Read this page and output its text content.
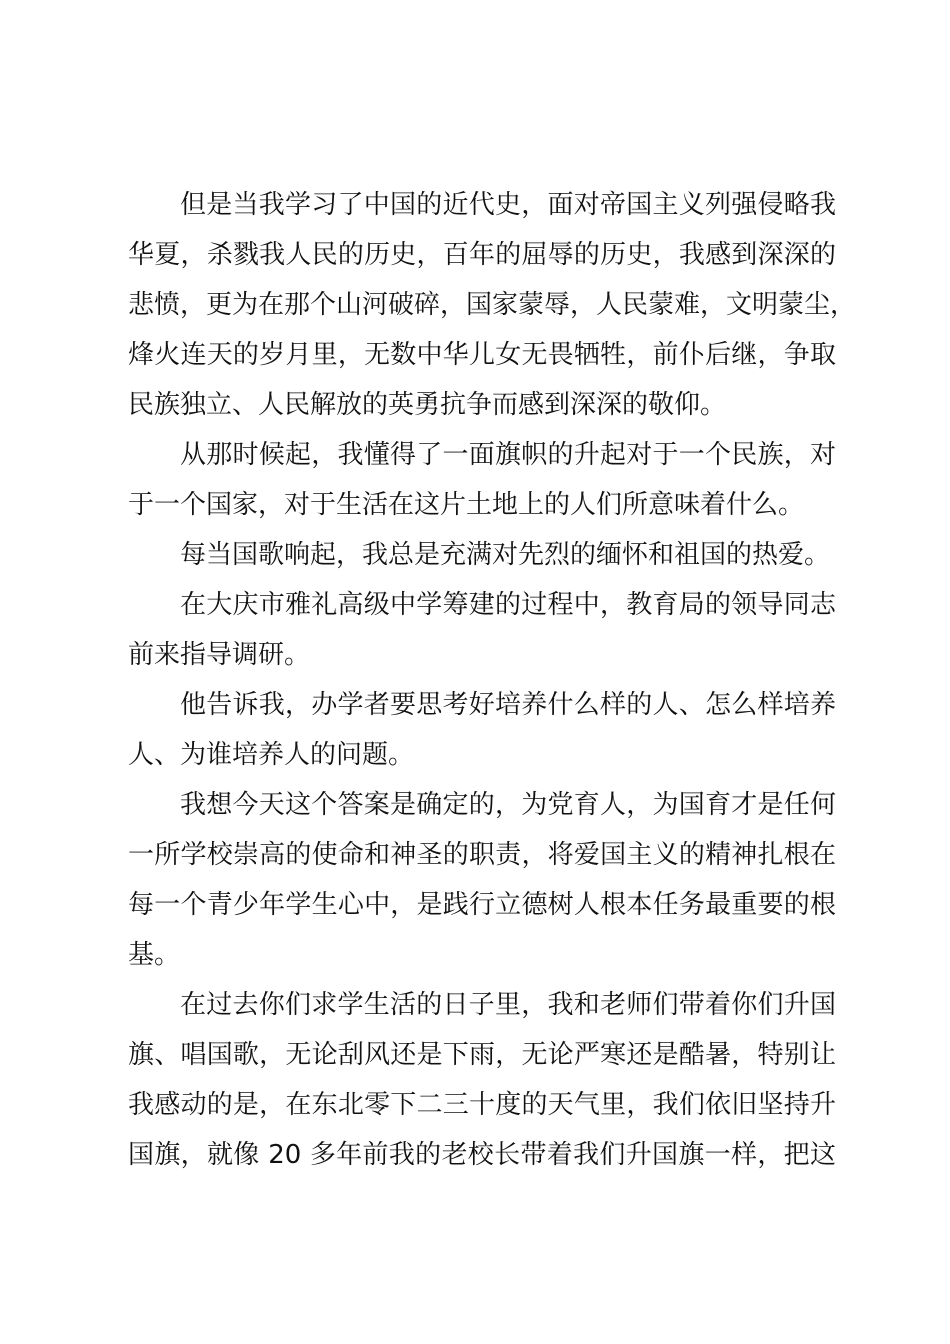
但是当我学习了中国的近代史，面对帝国主义列强侵略我
华夏，杀戮我人民的历史，百年的屈辱的历史，我感到深深的
悲愤，更为在那个山河破碎，国家蒙辱，人民蒙难，文明蒙尘，
烽火连天的岁月里，无数中华儿女无畏牺牲，前仆后继，争取
民族独立、人民解放的英勇抗争而感到深深的敬仰。
从那时候起，我懂得了一面旗帜的升起对于一个民族，对
于一个国家，对于生活在这片土地上的人们所意味着什么。
每当国歌响起，我总是充满对先烈的缅怀和祖国的热爱。
在大庆市雅礼高级中学筹建的过程中，教育局的领导同志
前来指导调研。
他告诉我，办学者要思考好培养什么样的人、怎么样培养
人、为谁培养人的问题。
我想今天这个答案是确定的，为党育人，为国育才是任何
一所学校崇高的使命和神圣的职责，将爱国主义的精神扎根在
每一个青少年学生心中，是践行立德树人根本任务最重要的根
基。
在过去你们求学生活的日子里，我和老师们带着你们升国
旗、唱国歌，无论刮风还是下雨，无论严寒还是酷暑，特别让
我感动的是，在东北零下二三十度的天气里，我们依旧坚持升
国旗，就像 20 多年前我的老校长带着我们升国旗一样，把这
